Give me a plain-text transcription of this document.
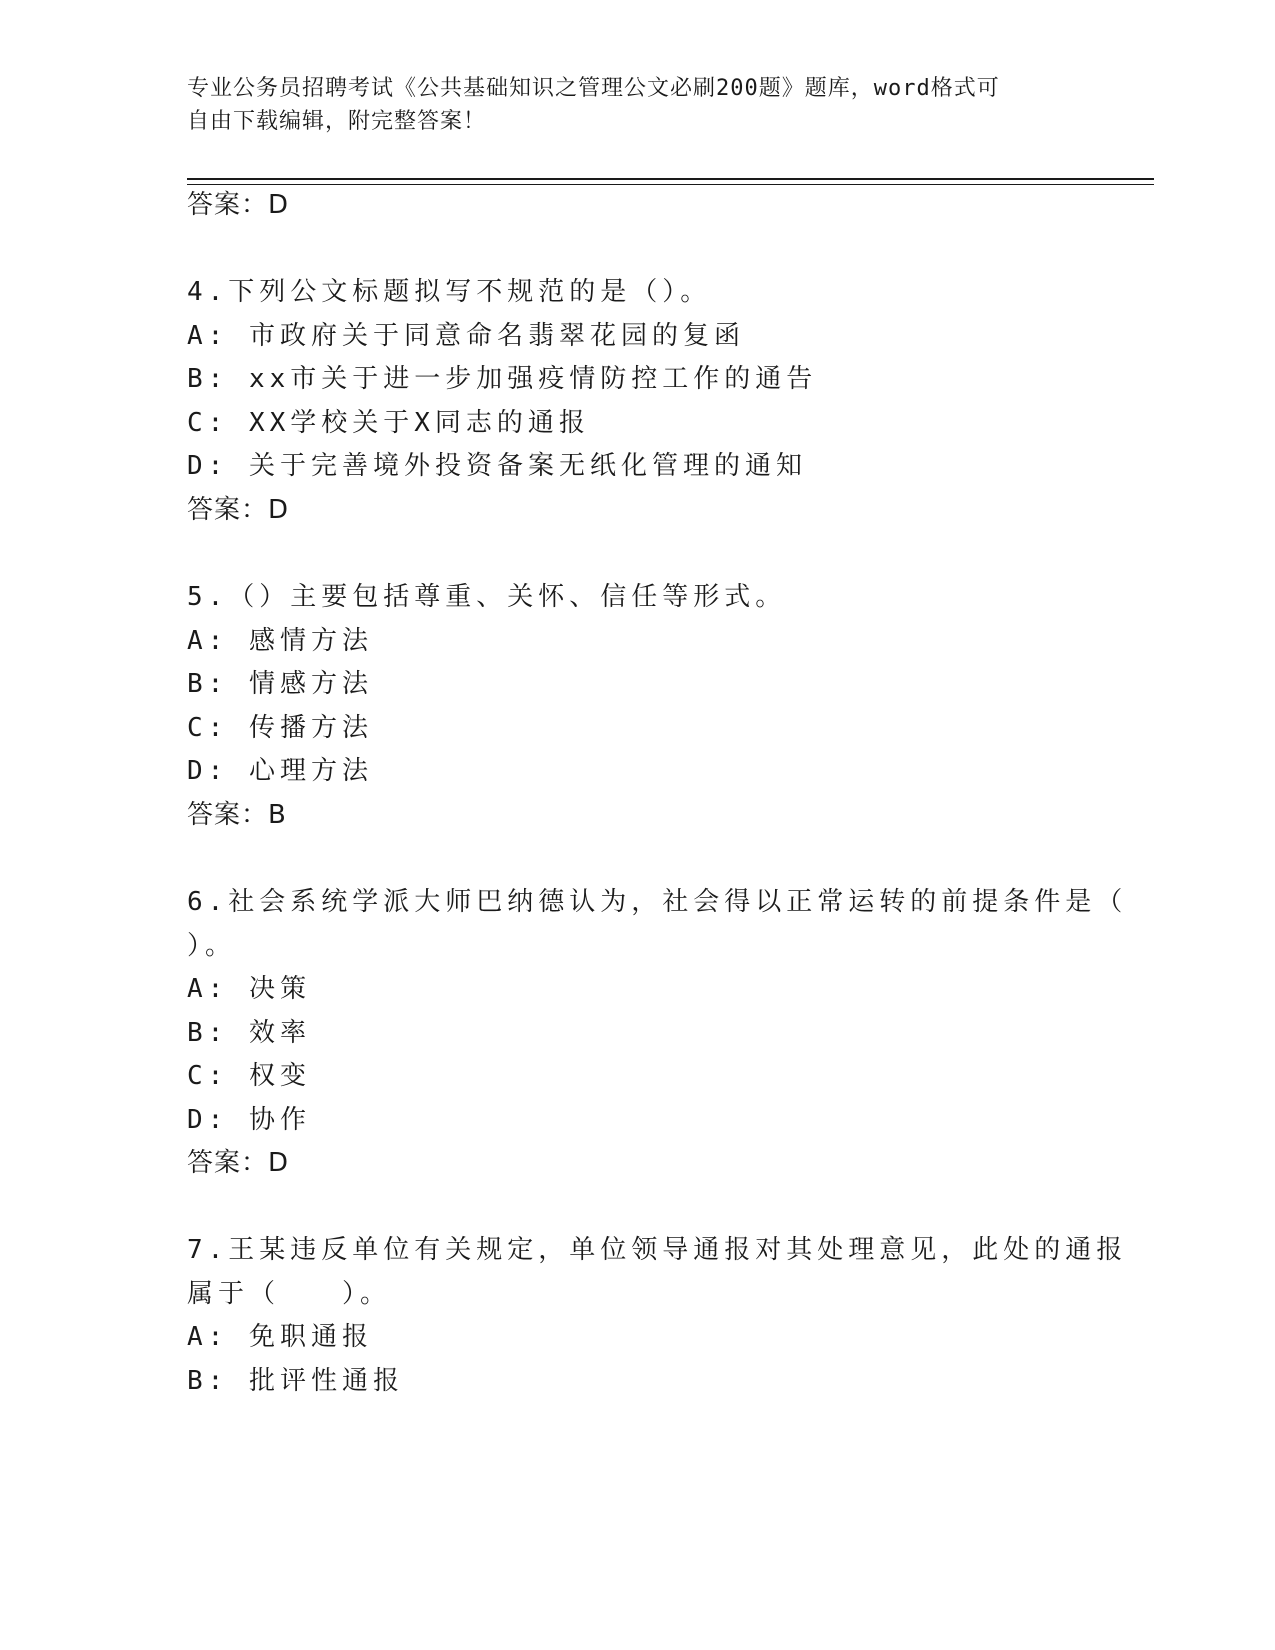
专业公务员招聘考试《公共基础知识之管理公文必刷200题》题库，word格式可
自由下载编辑，附完整答案！
答案：D
4.下列公文标题拟写不规范的是（）。
A: 市政府关于同意命名翡翠花园的复函
B: xx市关于进一步加强疫情防控工作的通告
C: XX学校关于X同志的通报
D: 关于完善境外投资备案无纸化管理的通知
答案：D
5.（）主要包括尊重、关怀、信任等形式。
A: 感情方法
B: 情感方法
C: 传播方法
D: 心理方法
答案：B
6.社会系统学派大师巴纳德认为，社会得以正常运转的前提条件是（
）。
A: 决策
B: 效率
C: 权变
D: 协作
答案：D
7.王某违反单位有关规定，单位领导通报对其处理意见，此处的通报
属于（　　）。
A: 免职通报
B: 批评性通报
